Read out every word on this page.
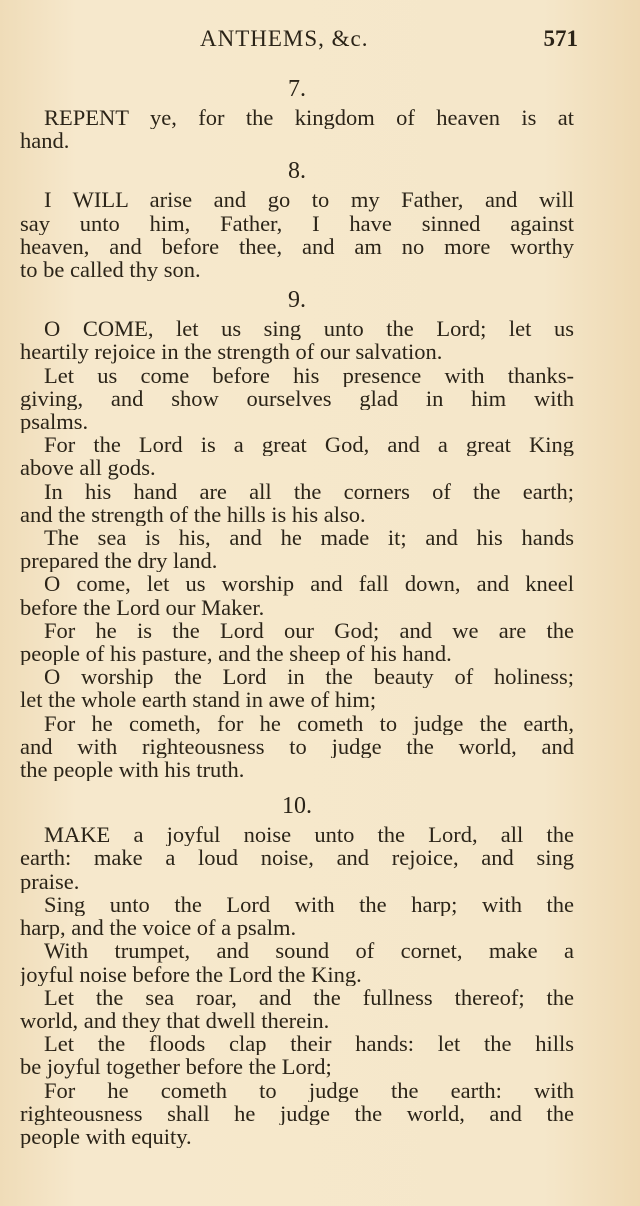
ANTHEMS, &c.	571
7.
REPENT ye, for the kingdom of heaven is at
hand.
8.
I WILL arise and go to my Father, and will
say unto him, Father, I have sinned against
heaven, and before thee, and am no more worthy
to be called thy son.
9.
O COME, let us sing unto the Lord; let us
heartily rejoice in the strength of our salvation.
Let us come before his presence with thanks-
giving, and show ourselves glad in him with
psalms.
For the Lord is a great God, and a great King
above all gods.
In his hand are all the corners of the earth;
and the strength of the hills is his also.
The sea is his, and he made it; and his hands
prepared the dry land.
O come, let us worship and fall down, and kneel
before the Lord our Maker.
For he is the Lord our God; and we are the
people of his pasture, and the sheep of his hand.
O worship the Lord in the beauty of holiness;
let the whole earth stand in awe of him;
For he cometh, for he cometh to judge the earth,
and with righteousness to judge the world, and
the people with his truth.
10.
MAKE a joyful noise unto the Lord, all the
earth: make a loud noise, and rejoice, and sing
praise.
Sing unto the Lord with the harp; with the
harp, and the voice of a psalm.
With trumpet, and sound of cornet, make a
joyful noise before the Lord the King.
Let the sea roar, and the fullness thereof; the
world, and they that dwell therein.
Let the floods clap their hands: let the hills
be joyful together before the Lord;
For he cometh to judge the earth: with
righteousness shall he judge the world, and the
people with equity.
